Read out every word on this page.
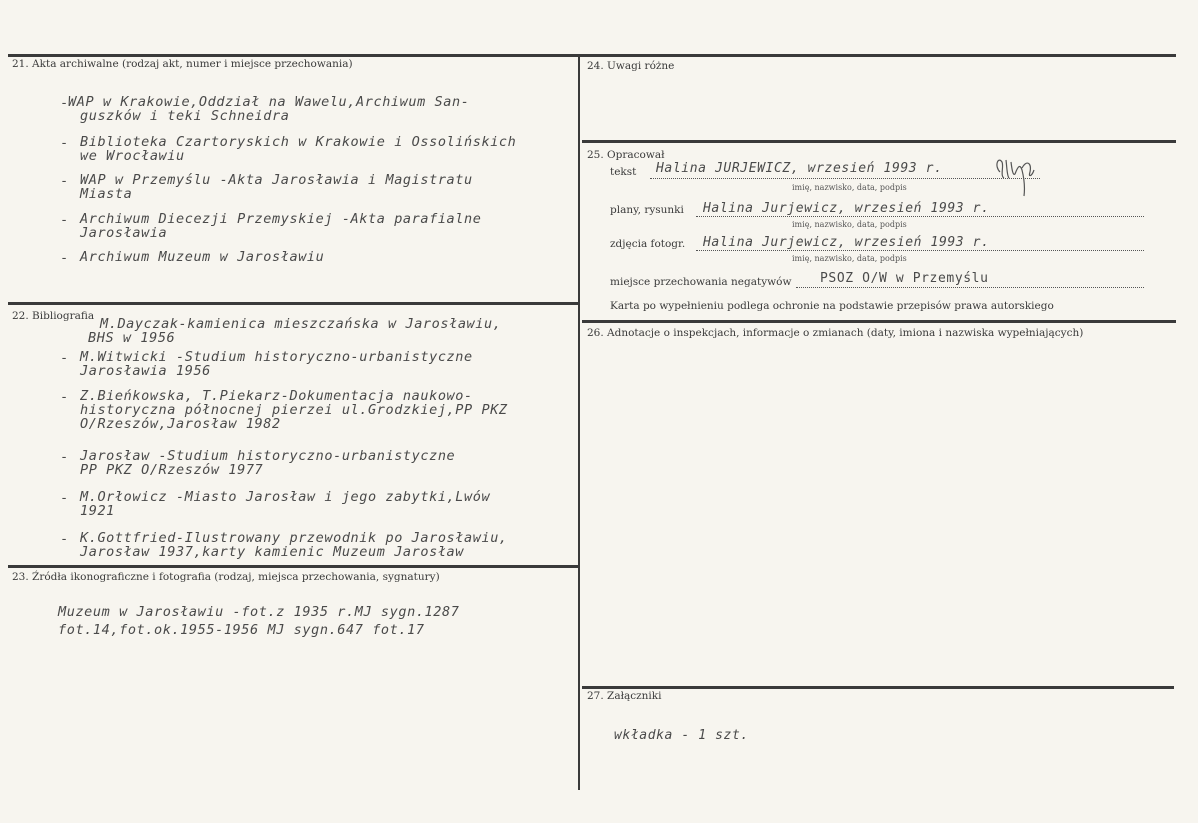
21. Akta archiwalne (rodzaj akt, numer i miejsce przechowania)
- WAP w Krakowie,Oddział na Wawelu,Archiwum San-
guszków i teki Schneidra
- Biblioteka Czartoryskich w Krakowie i Ossolińskich
we Wrocławiu
- WAP w Przemyślu -Akta Jarosławia i Magistratu
Miasta
- Archiwum Diecezji Przemyskiej -Akta parafialne
Jarosławia
- Archiwum Muzeum w Jarosławiu
22. Bibliografia M.Dayczak-kamienica mieszczańska w Jarosławiu,
BHS w 1956
- M.Witwicki -Studium historyczno-urbanistyczne
Jarosławia 1956
- Z.Bieńkowska, T.Piekarz-Dokumentacja naukowo-
historyczna północnej pierzei ul.Grodzkiej,PP PKZ
O/Rzeszów,Jarosław 1982
- Jarosław -Studium historyczno-urbanistyczne
PP PKZ O/Rzeszów 1977
- M.Orłowicz -Miasto Jarosław i jego zabytki,Lwów
1921
- K.Gottfried-Ilustrowany przewodnik po Jarosławiu,
Jarosław 1937,karty kamienic Muzeum Jarosław
23. Źródła ikonograficzne i fotografia (rodzaj, miejsca przechowania, sygnatury)
Muzeum w Jarosławiu -fot.z 1935 r.MJ sygn.1287
fot.14,fot.ok.1955-1956 MJ sygn.647 fot.17
24. Uwagi różne
25. Opracował
tekst Halina JURJEWICZ, wrzesień 1993 r.
imię, nazwisko, data, podpis
plany, rysunki Halina Jurjewicz, wrzesień 1993 r.
imię, nazwisko, data, podpis
zdjęcia fotogr. Halina Jurjewicz, wrzesień 1993 r.
imię, nazwisko, data, podpis
miejsce przechowania negatywów PSOZ O/W w Przemyślu
Karta po wypełnieniu podlega ochronie na podstawie przepisów prawa autorskiego
26. Adnotacje o inspekcjach, informacje o zmianach (daty, imiona i nazwiska wypełniających)
27. Załączniki
wkładka - 1 szt.
